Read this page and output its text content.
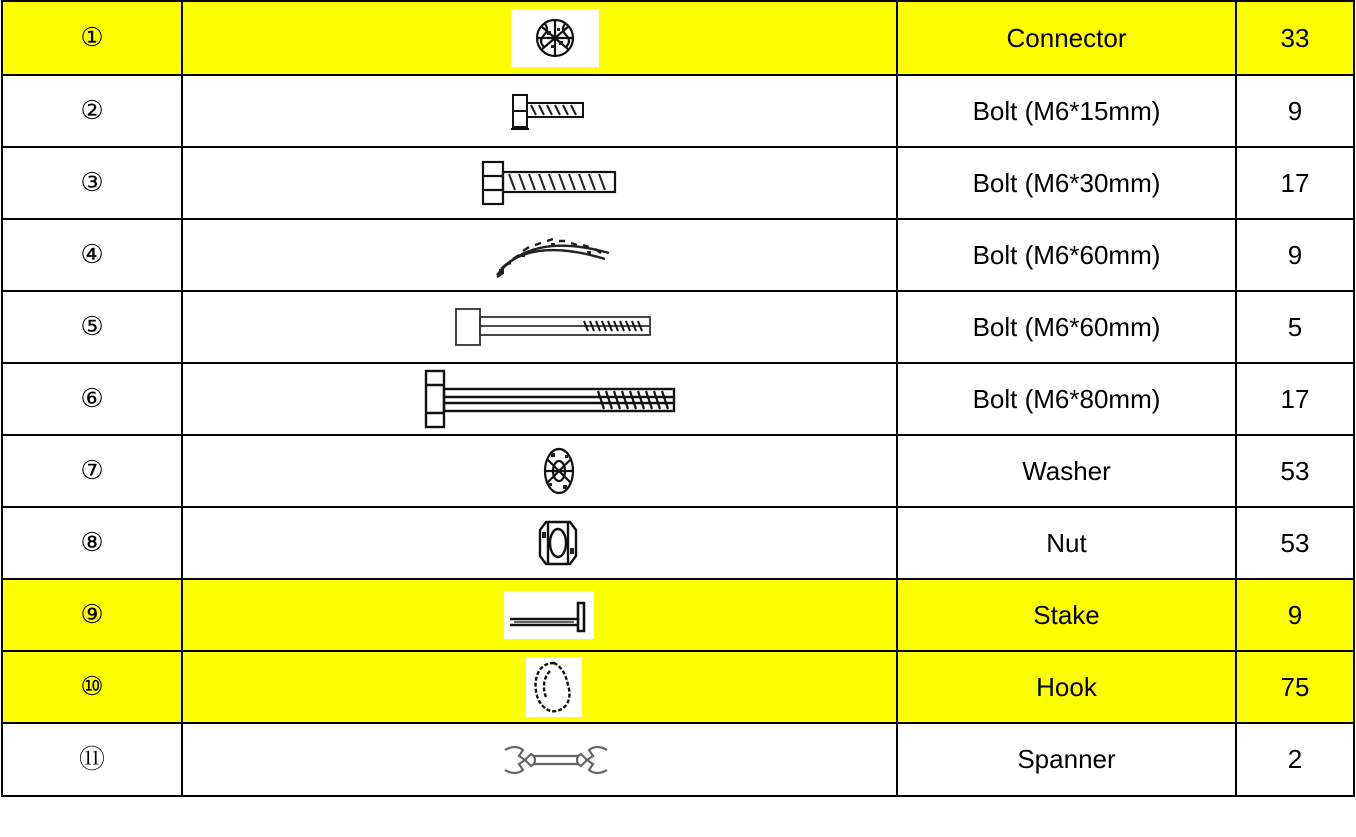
①		Connector	33
②		Bolt (M6*15mm)	9
③		Bolt (M6*30mm)	17
④		Bolt (M6*60mm)	9
⑤		Bolt (M6*60mm)	5
⑥		Bolt (M6*80mm)	17
⑦		Washer	53
⑧		Nut	53
⑨		Stake	9
⑩		Hook	75
⑪		Spanner	2
